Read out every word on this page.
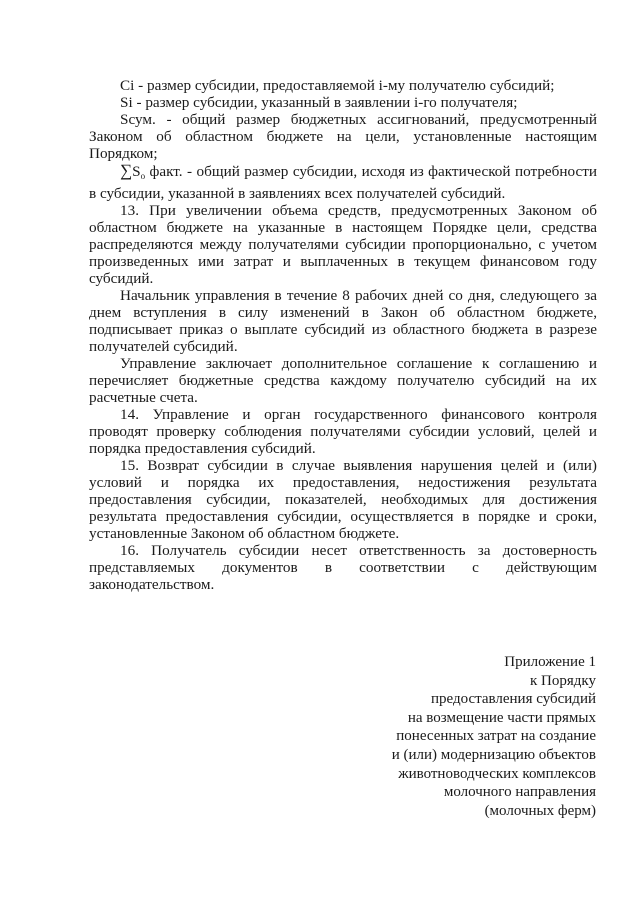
Ci - размер субсидии, предоставляемой i-му получателю субсидий;

Si - размер субсидии, указанный в заявлении i-го получателя;

Sсум. - общий размер бюджетных ассигнований, предусмотренный Законом об областном бюджете на цели, установленные настоящим Порядком;

$\sum S_o$ факт. - общий размер субсидии, исходя из фактической потребности в субсидии, указанной в заявлениях всех получателей субсидий.

13. При увеличении объема средств, предусмотренных Законом об областном бюджете на указанные в настоящем Порядке цели, средства распределяются между получателями субсидии пропорционально, с учетом произведенных ими затрат и выплаченных в текущем финансовом году субсидий.

Начальник управления в течение 8 рабочих дней со дня, следующего за днем вступления в силу изменений в Закон об областном бюджете, подписывает приказ о выплате субсидий из областного бюджета в разрезе получателей субсидий.

Управление заключает дополнительное соглашение к соглашению и перечисляет бюджетные средства каждому получателю субсидий на их расчетные счета.

14. Управление и орган государственного финансового контроля проводят проверку соблюдения получателями субсидии условий, целей и порядка предоставления субсидий.

15. Возврат субсидии в случае выявления нарушения целей и (или) условий и порядка их предоставления, недостижения результата предоставления субсидии, показателей, необходимых для достижения результата предоставления субсидии, осуществляется в порядке и сроки, установленные Законом об областном бюджете.

16. Получатель субсидии несет ответственность за достоверность представляемых документов в соответствии с действующим законодательством.

Приложение 1
к Порядку
предоставления субсидий
на возмещение части прямых
понесенных затрат на создание
и (или) модернизацию объектов
животноводческих комплексов
молочного направления
(молочных ферм)
